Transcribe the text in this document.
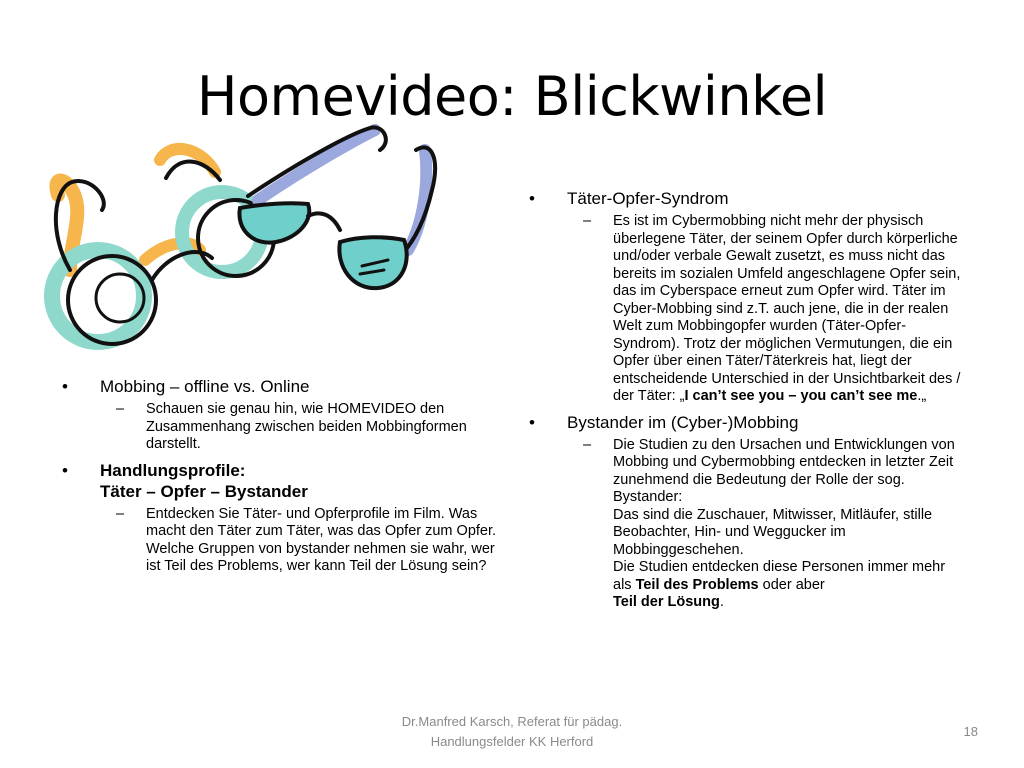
Homevideo: Blickwinkel
• Mobbing – offline vs. Online
– Schauen sie genau hin, wie HOMEVIDEO den Zusammenhang zwischen beiden Mobbingformen darstellt.

• Handlungsprofile:
Täter – Opfer – Bystander
– Entdecken Sie Täter- und Opferprofile im Film. Was macht den Täter zum Täter, was das Opfer zum Opfer. Welche Gruppen von bystander nehmen sie wahr, wer ist Teil des Problems, wer kann Teil der Lösung sein?

• Täter-Opfer-Syndrom
– Es ist im Cybermobbing nicht mehr der physisch überlegene Täter, der seinem Opfer durch körperliche und/oder verbale Gewalt zusetzt, es muss nicht das bereits im sozialen Umfeld angeschlagene Opfer sein, das im Cyberspace erneut zum Opfer wird. Täter im Cyber-Mobbing sind z.T. auch jene, die in der realen Welt zum Mobbingopfer wurden (Täter-Opfer-Syndrom). Trotz der möglichen Vermutungen, die ein Opfer über einen Täter/Täterkreis hat, liegt der entscheidende Unterschied in der Unsichtbarkeit des / der Täter: „I can’t see you – you can’t see me.„

• Bystander im (Cyber-)Mobbing
– Die Studien zu den Ursachen und Entwicklungen von Mobbing und Cybermobbing entdecken in letzter Zeit zunehmend die Bedeutung der Rolle der sog. Bystander:

Das sind die Zuschauer, Mitwisser, Mitläufer, stille Beobachter, Hin- und Weggucker im Mobbinggeschehen.

Die Studien entdecken diese Personen immer mehr als Teil des Problems oder aber
Teil der Lösung.

Dr.Manfred Karsch, Referat für pädag.
Handlungsfelder KK Herford
18
